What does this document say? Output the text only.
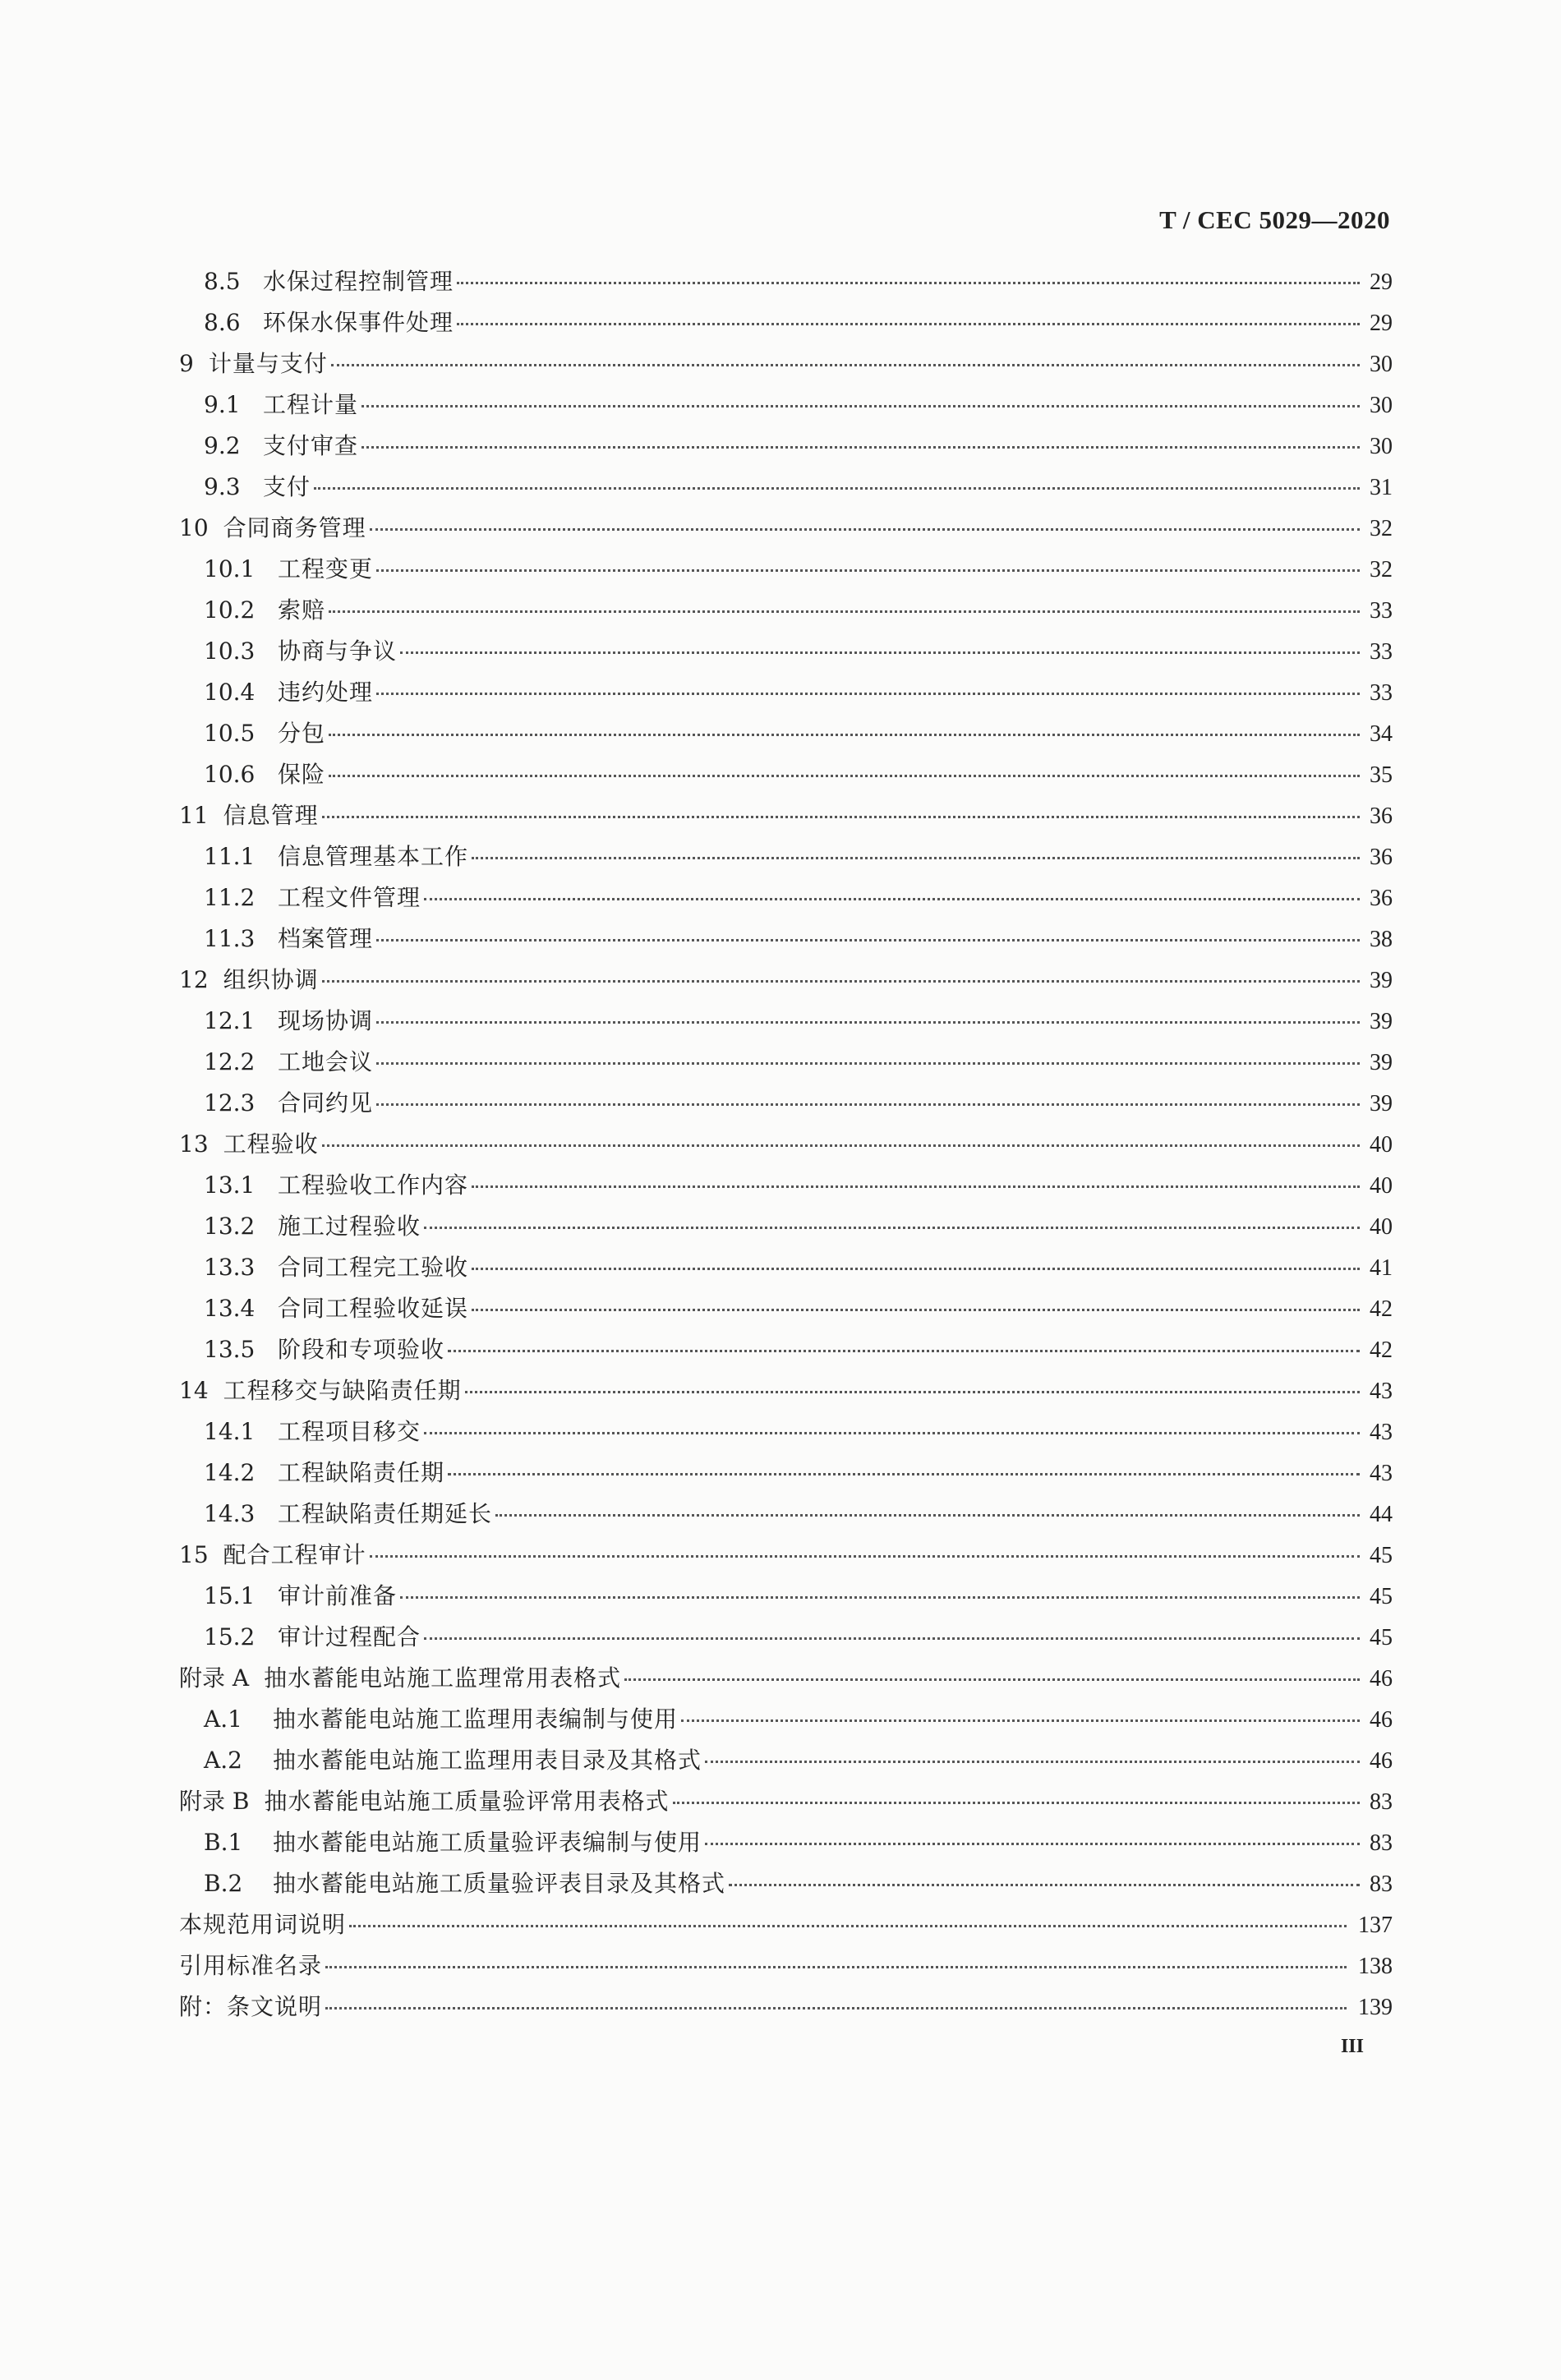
T / CEC 5029—2020
8.5 水保过程控制管理	29
8.6 环保水保事件处理	29
9 计量与支付	30
9.1 工程计量	30
9.2 支付审查	30
9.3 支付	31
10 合同商务管理	32
10.1 工程变更	32
10.2 索赔	33
10.3 协商与争议	33
10.4 违约处理	33
10.5 分包	34
10.6 保险	35
11 信息管理	36
11.1 信息管理基本工作	36
11.2 工程文件管理	36
11.3 档案管理	38
12 组织协调	39
12.1 现场协调	39
12.2 工地会议	39
12.3 合同约见	39
13 工程验收	40
13.1 工程验收工作内容	40
13.2 施工过程验收	40
13.3 合同工程完工验收	41
13.4 合同工程验收延误	42
13.5 阶段和专项验收	42
14 工程移交与缺陷责任期	43
14.1 工程项目移交	43
14.2 工程缺陷责任期	43
14.3 工程缺陷责任期延长	44
15 配合工程审计	45
15.1 审计前准备	45
15.2 审计过程配合	45
附录 A 抽水蓄能电站施工监理常用表格式	46
A.1	抽水蓄能电站施工监理用表编制与使用	46
A.2	抽水蓄能电站施工监理用表目录及其格式	46
附录 B 抽水蓄能电站施工质量验评常用表格式	83
B.1	抽水蓄能电站施工质量验评表编制与使用	83
B.2	抽水蓄能电站施工质量验评表目录及其格式	83
本规范用词说明	137
引用标准名录	138
附：条文说明	139
III
